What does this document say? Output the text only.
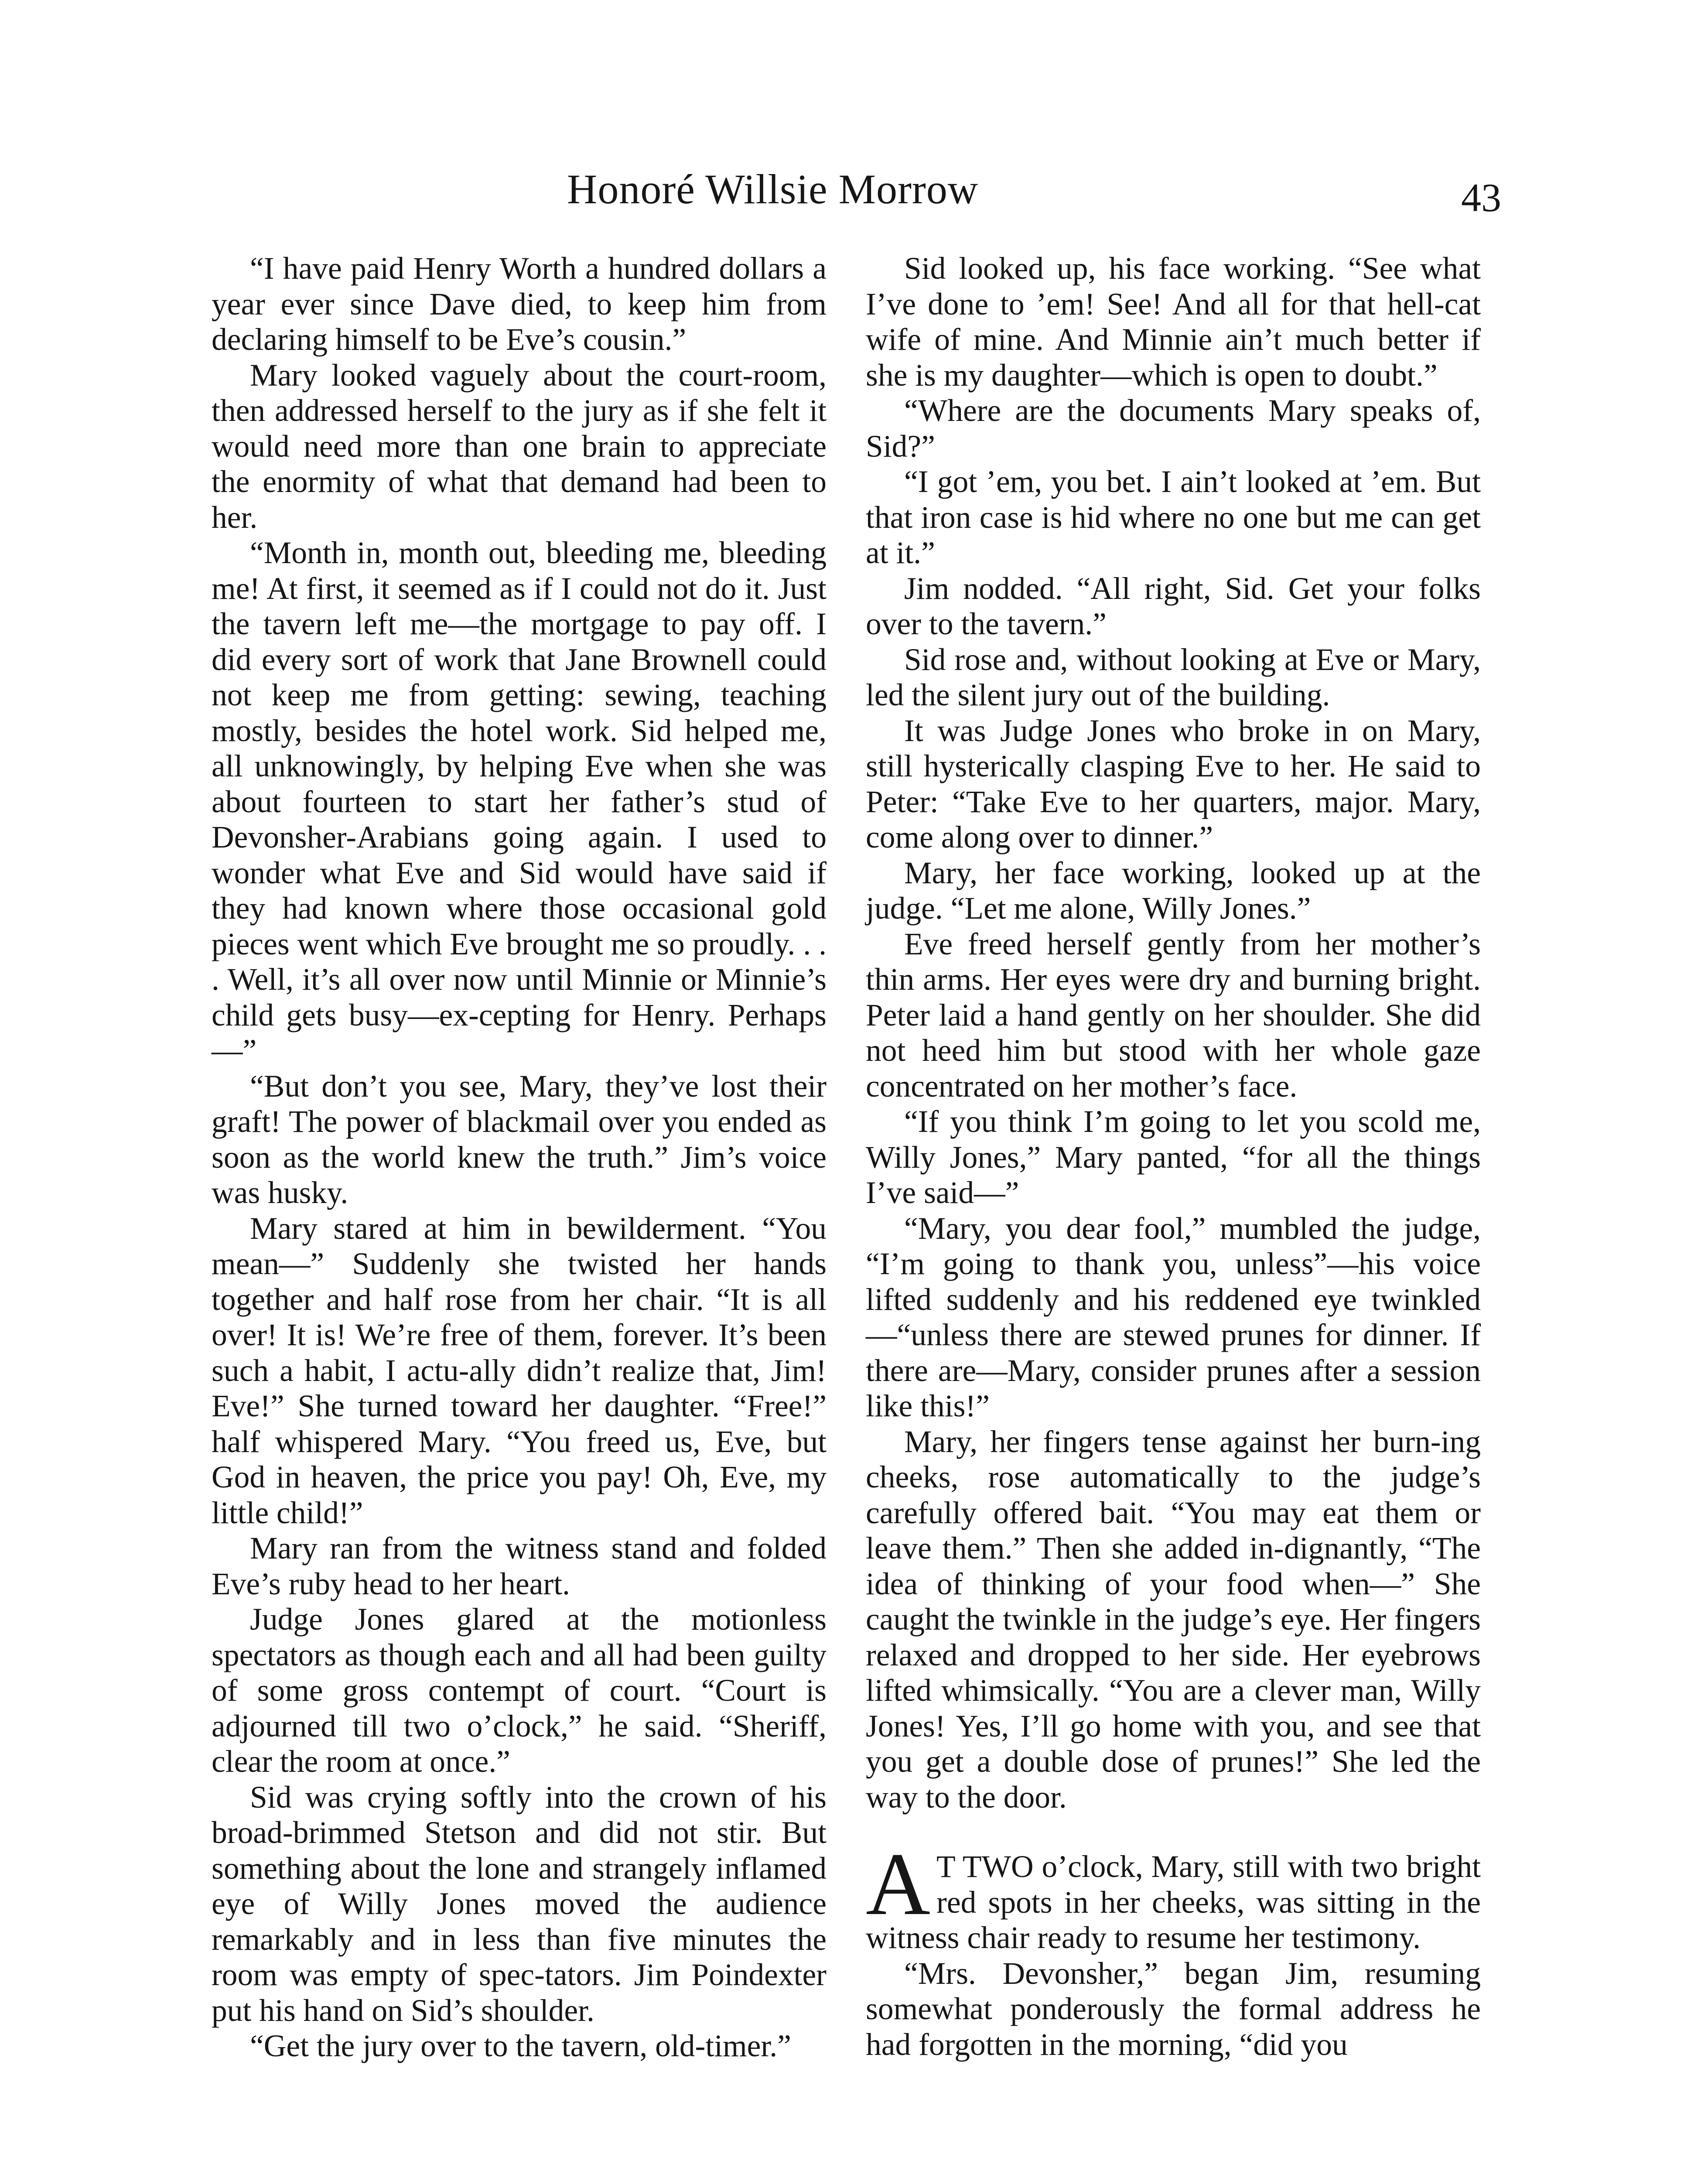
Honoré Willsie Morrow	43

“I have paid Henry Worth a hundred dollars a year ever since Dave died, to keep him from declaring himself to be Eve’s cousin.”

Mary looked vaguely about the court-room, then addressed herself to the jury as if she felt it would need more than one brain to appreciate the enormity of what that demand had been to her.

“Month in, month out, bleeding me, bleeding me! At first, it seemed as if I could not do it. Just the tavern left me—the mortgage to pay off. I did every sort of work that Jane Brownell could not keep me from getting: sewing, teaching mostly, besides the hotel work. Sid helped me, all unknowingly, by helping Eve when she was about fourteen to start her father’s stud of Devonsher-Arabians going again. I used to wonder what Eve and Sid would have said if they had known where those occasional gold pieces went which Eve brought me so proudly. . . . Well, it’s all over now until Minnie or Minnie’s child gets busy—ex-cepting for Henry. Perhaps—”

“But don’t you see, Mary, they’ve lost their graft! The power of blackmail over you ended as soon as the world knew the truth.” Jim’s voice was husky.

Mary stared at him in bewilderment. “You mean—” Suddenly she twisted her hands together and half rose from her chair. “It is all over! It is! We’re free of them, forever. It’s been such a habit, I actu-ally didn’t realize that, Jim! Eve!” She turned toward her daughter. “Free!” half whispered Mary. “You freed us, Eve, but God in heaven, the price you pay! Oh, Eve, my little child!”

Mary ran from the witness stand and folded Eve’s ruby head to her heart.

Judge Jones glared at the motionless spectators as though each and all had been guilty of some gross contempt of court. “Court is adjourned till two o’clock,” he said. “Sheriff, clear the room at once.”

Sid was crying softly into the crown of his broad-brimmed Stetson and did not stir. But something about the lone and strangely inflamed eye of Willy Jones moved the audience remarkably and in less than five minutes the room was empty of spec-tators. Jim Poindexter put his hand on Sid’s shoulder.

“Get the jury over to the tavern, old-timer.”

Sid looked up, his face working. “See what I’ve done to ’em! See! And all for that hell-cat wife of mine. And Minnie ain’t much better if she is my daughter—which is open to doubt.”

“Where are the documents Mary speaks of, Sid?”

“I got ’em, you bet. I ain’t looked at ’em. But that iron case is hid where no one but me can get at it.”

Jim nodded. “All right, Sid. Get your folks over to the tavern.”

Sid rose and, without looking at Eve or Mary, led the silent jury out of the building.

It was Judge Jones who broke in on Mary, still hysterically clasping Eve to her. He said to Peter: “Take Eve to her quarters, major. Mary, come along over to dinner.”

Mary, her face working, looked up at the judge. “Let me alone, Willy Jones.”

Eve freed herself gently from her mother’s thin arms. Her eyes were dry and burning bright. Peter laid a hand gently on her shoulder. She did not heed him but stood with her whole gaze concentrated on her mother’s face.

“If you think I’m going to let you scold me, Willy Jones,” Mary panted, “for all the things I’ve said—”

“Mary, you dear fool,” mumbled the judge, “I’m going to thank you, unless”—his voice lifted suddenly and his reddened eye twinkled—“unless there are stewed prunes for dinner. If there are—Mary, consider prunes after a session like this!”

Mary, her fingers tense against her burn-ing cheeks, rose automatically to the judge’s carefully offered bait. “You may eat them or leave them.” Then she added in-dignantly, “The idea of thinking of your food when—” She caught the twinkle in the judge’s eye. Her fingers relaxed and dropped to her side. Her eyebrows lifted whimsically. “You are a clever man, Willy Jones! Yes, I’ll go home with you, and see that you get a double dose of prunes!” She led the way to the door.

A T TWO o’clock, Mary, still with two bright red spots in her cheeks, was sitting in the witness chair ready to resume her testimony.

“Mrs. Devonsher,” began Jim, resuming somewhat ponderously the formal address he had forgotten in the morning, “did you
